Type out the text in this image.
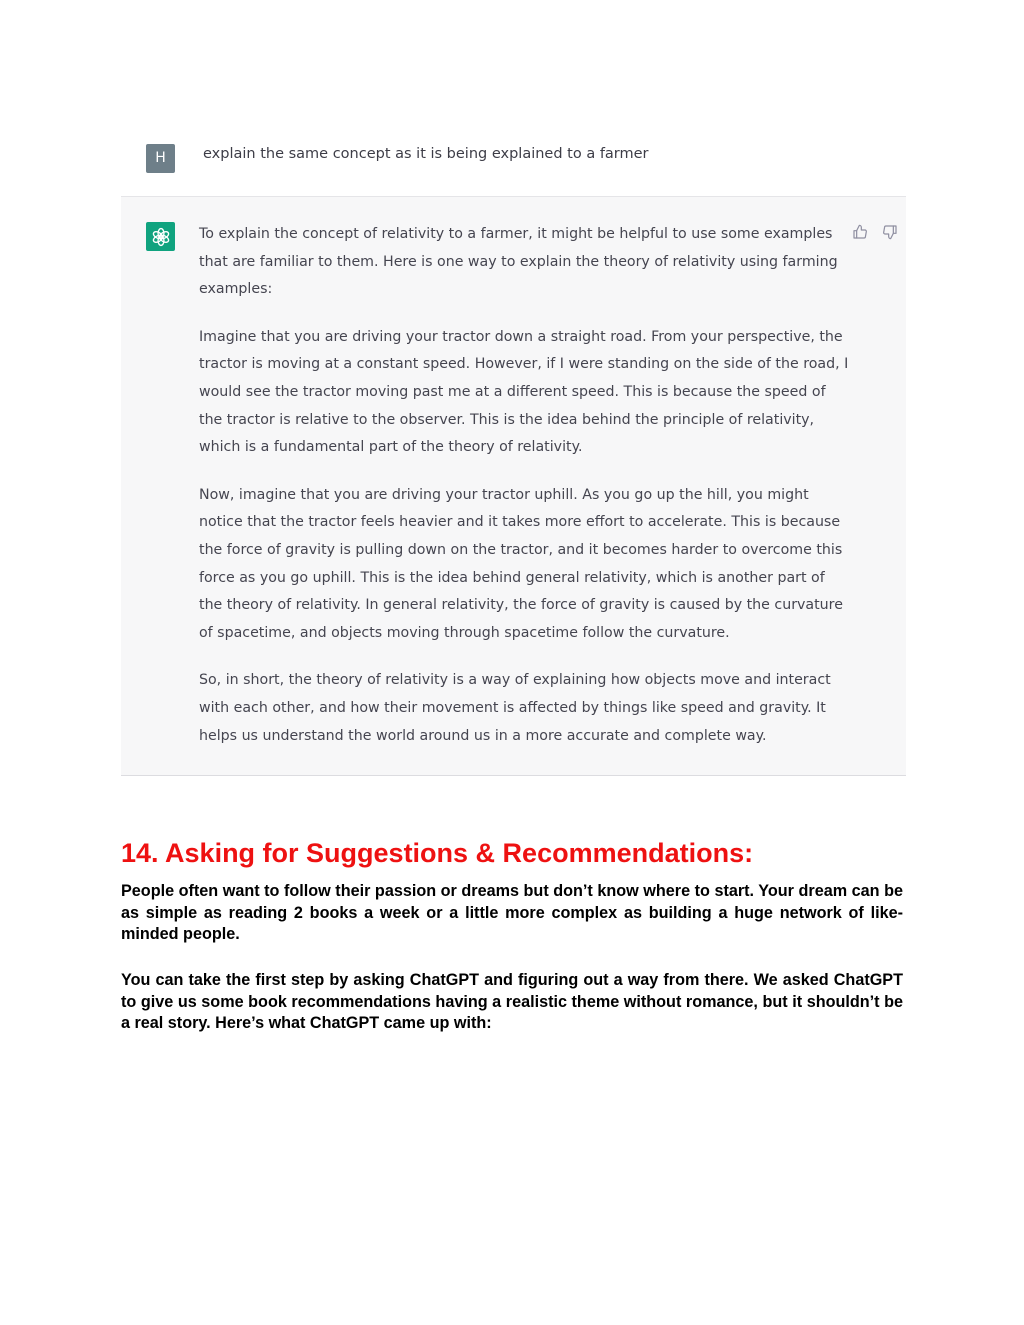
H	explain the same concept as it is being explained to a farmer

To explain the concept of relativity to a farmer, it might be helpful to use some examples that are familiar to them. Here is one way to explain the theory of relativity using farming examples:

Imagine that you are driving your tractor down a straight road. From your perspective, the tractor is moving at a constant speed. However, if I were standing on the side of the road, I would see the tractor moving past me at a different speed. This is because the speed of the tractor is relative to the observer. This is the idea behind the principle of relativity, which is a fundamental part of the theory of relativity.

Now, imagine that you are driving your tractor uphill. As you go up the hill, you might notice that the tractor feels heavier and it takes more effort to accelerate. This is because the force of gravity is pulling down on the tractor, and it becomes harder to overcome this force as you go uphill. This is the idea behind general relativity, which is another part of the theory of relativity. In general relativity, the force of gravity is caused by the curvature of spacetime, and objects moving through spacetime follow the curvature.

So, in short, the theory of relativity is a way of explaining how objects move and interact with each other, and how their movement is affected by things like speed and gravity. It helps us understand the world around us in a more accurate and complete way.

14. Asking for Suggestions & Recommendations:

People often want to follow their passion or dreams but don’t know where to start. Your dream can be as simple as reading 2 books a week or a little more complex as building a huge network of like-minded people.

You can take the first step by asking ChatGPT and figuring out a way from there. We asked ChatGPT to give us some book recommendations having a realistic theme without romance, but it shouldn’t be a real story. Here’s what ChatGPT came up with:
